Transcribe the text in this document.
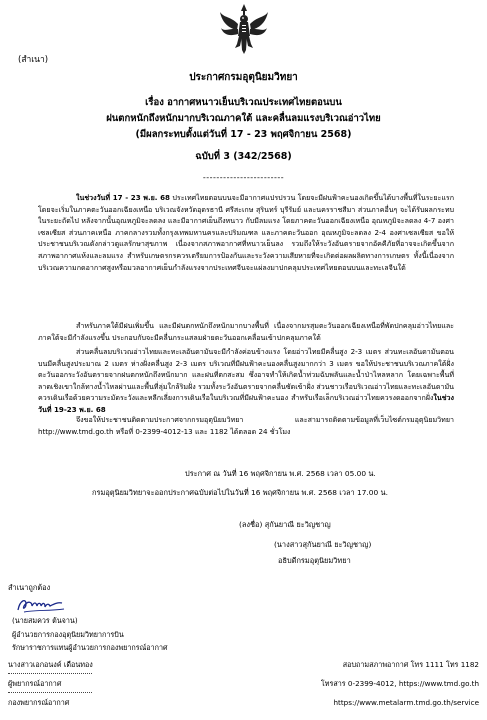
(สำเนา)
ประกาศกรมอุตุนิยมวิทยา
เรื่อง อากาศหนาวเย็นบริเวณประเทศไทยตอนบน
ฝนตกหนักถึงหนักมากบริเวณภาคใต้ และคลื่นลมแรงบริเวณอ่าวไทย
(มีผลกระทบตั้งแต่วันที่ 17 - 23 พฤศจิกายน 2568)
ฉบับที่ 3 (342/2568)
------------------------
ในช่วงวันที่ 17 - 23 พ.ย. 68 ประเทศไทยตอนบนจะมีอากาศแปรปรวน โดยจะมีฝนฟ้าคะนองเกิดขึ้นได้บางพื้นที่ในระยะแรก โดยจะเริ่มในภาคตะวันออกเฉียงเหนือ บริเวณจังหวัดอุดรธานี ศรีสะเกษ สุรินทร์ บุรีรัมย์ และนครราชสีมา ส่วนภาคอื่นๆ จะได้รับผลกระทบในระยะถัดไป หลังจากนั้นอุณหภูมิจะลดลง และมีอากาศเย็นถึงหนาว กับมีลมแรง โดยภาคตะวันออกเฉียงเหนือ อุณหภูมิจะลดลง 4-7 องศาเซลเซียส ส่วนภาคเหนือ ภาคกลางรวมทั้งกรุงเทพมหานครและปริมณฑล และภาคตะวันออก อุณหภูมิจะลดลง 2-4 องศาเซลเซียส ขอให้ประชาชนบริเวณดังกล่าวดูแลรักษาสุขภาพ เนื่องจากสภาพอากาศที่หนาวเย็นลง รวมถึงให้ระวังอันตรายจากอัคคีภัยที่อาจจะเกิดขึ้นจากสภาพอากาศแห้งและลมแรง สำหรับเกษตรกรควรเตรียมการป้องกันและระวังความเสียหายที่จะเกิดต่อผลผลิตทางการเกษตร ทั้งนี้เนื่องจากบริเวณความกดอากาศสูงหรือมวลอากาศเย็นกำลังแรงจากประเทศจีนจะแผ่ลงมาปกคลุมประเทศไทยตอนบนและทะเลจีนใต้
สำหรับภาคใต้มีฝนเพิ่มขึ้น และมีฝนตกหนักถึงหนักมากบางพื้นที่ เนื่องจากมรสุมตะวันออกเฉียงเหนือที่พัดปกคลุมอ่าวไทยและภาคใต้จะมีกำลังแรงขึ้น ประกอบกับจะมีคลื่นกระแสลมฝ่ายตะวันออกเคลื่อนเข้าปกคลุมภาคใต้
ส่วนคลื่นลมบริเวณอ่าวไทยและทะเลอันดามันจะมีกำลังค่อนข้างแรง โดยอ่าวไทยมีคลื่นสูง 2-3 เมตร ส่วนทะเลอันดามันตอนบนมีคลื่นสูงประมาณ 2 เมตร ห่างฝั่งคลื่นสูง 2-3 เมตร บริเวณที่มีฝนฟ้าคะนองคลื่นสูงมากกว่า 3 เมตร ขอให้ประชาชนบริเวณภาคใต้ฝั่งตะวันออกระวังอันตรายจากฝนตกหนักถึงหนักมาก และฝนที่ตกสะสม ซึ่งอาจทำให้เกิดน้ำท่วมฉับพลันและน้ำป่าไหลหลาก โดยเฉพาะพื้นที่ลาดเชิงเขาใกล้ทางน้ำไหลผ่านและพื้นที่ลุ่มใกล้ริมฝั่ง รวมทั้งระวังอันตรายจากคลื่นซัดเข้าฝั่ง ส่วนชาวเรือบริเวณอ่าวไทยและทะเลอันดามันควรเดินเรือด้วยความระมัดระวังและหลีกเลี่ยงการเดินเรือในบริเวณที่มีฝนฟ้าคะนอง สำหรับเรือเล็กบริเวณอ่าวไทยควรงดออกจากฝั่งในช่วงวันที่ 19-23 พ.ย. 68
จึงขอให้ประชาชนติดตามประกาศจากกรมอุตุนิยมวิทยา และสามารถติดตามข้อมูลที่เว็บไซต์กรมอุตุนิยมวิทยา http://www.tmd.go.th หรือที่ 0-2399-4012-13 และ 1182 ได้ตลอด 24 ชั่วโมง
ประกาศ ณ วันที่ 16 พฤศจิกายน พ.ศ. 2568 เวลา 05.00 น.
กรมอุตุนิยมวิทยาจะออกประกาศฉบับต่อไปในวันที่ 16 พฤศจิกายน พ.ศ. 2568 เวลา 17.00 น.
(ลงชื่อ) สุกันยาณี ยะวิญชาญ
(นางสาวสุกันยาณี ยะวิญชาญ)
อธิบดีกรมอุตุนิยมวิทยา
สำเนาถูกต้อง
(นายสมควร ต้นจาน)
ผู้อำนวยการกองอุตุนิยมวิทยาการบิน
รักษาราชการแทนผู้อำนวยการกองพยากรณ์อากาศ
นางสาวเอกอนงค์ เดือนทอง
ผู้พยากรณ์อากาศ
กองพยากรณ์อากาศ
สอบถามสภาพอากาศ โทร 1111 โทร 1182
โทรสาร 0-2399-4012, https://www.tmd.go.th
https://www.metalarm.tmd.go.th/service
